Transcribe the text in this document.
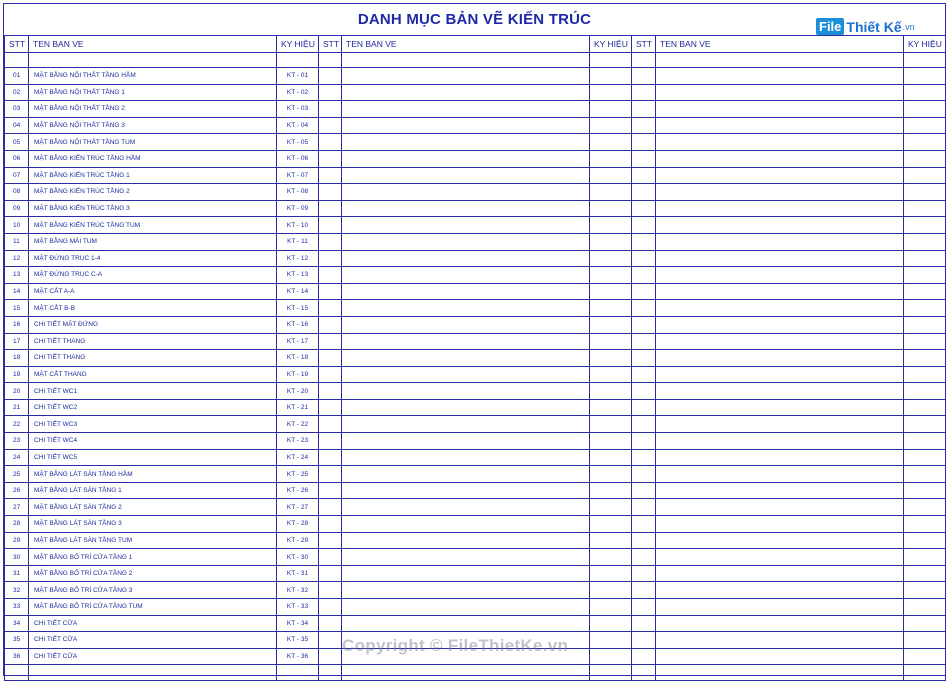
DANH MỤC BẢN VẼ KIẾN TRÚC	File Thiết Kế .vn
STT	TEN BAN VE	KY HIỆU	STT	TEN BAN VE	KY HIỆU	STT	TEN BAN VE	KY HIỆU

01	MẶT BẰNG NỘI THẤT TẦNG HẦM	KT - 01						
02	MẶT BẰNG NỘI THẤT TẦNG 1	KT - 02						
03	MẶT BẰNG NỘI THẤT TẦNG 2	KT - 03						
04	MẶT BẰNG NỘI THẤT TẦNG 3	KT - 04						
05	MẶT BẰNG NỘI THẤT TẦNG TUM	KT - 05						
06	MẶT BẰNG KIẾN TRÚC TẦNG HẦM	KT - 06						
07	MẶT BẰNG KIẾN TRÚC TẦNG 1	KT - 07						
08	MẶT BẰNG KIẾN TRÚC TẦNG 2	KT - 08						
09	MẶT BẰNG KIẾN TRÚC TẦNG 3	KT - 09						
10	MẶT BẰNG KIẾN TRÚC TẦNG TUM	KT - 10						
11	MẶT BẰNG MÁI TUM	KT - 11						
12	MẶT ĐỨNG TRỤC 1-4	KT - 12						
13	MẶT ĐỨNG TRỤC C-A	KT - 13						
14	MẶT CẮT A-A	KT - 14						
15	MẶT CẮT B-B	KT - 15						
16	CHI TIẾT MẶT ĐỨNG	KT - 16						
17	CHI TIẾT THANG	KT - 17						
18	CHI TIẾT THANG	KT - 18						
19	MẶT CẮT THANG	KT - 19						
20	CHI TIẾT WC1	KT - 20						
21	CHI TIẾT WC2	KT - 21						
22	CHI TIẾT WC3	KT - 22						
23	CHI TIẾT WC4	KT - 23						
24	CHI TIẾT WC5	KT - 24						
25	MẶT BẰNG LÁT SÀN TẦNG HẦM	KT - 25						
26	MẶT BẰNG LÁT SÀN TẦNG 1	KT - 26						
27	MẶT BẰNG LÁT SÀN TẦNG 2	KT - 27						
28	MẶT BẰNG LÁT SÀN TẦNG 3	KT - 28						
29	MẶT BẰNG LÁT SÀN TẦNG TUM	KT - 29						
30	MẶT BẰNG BỐ TRÍ CỬA TẦNG 1	KT - 30						
31	MẶT BẰNG BỐ TRÍ CỬA TẦNG 2	KT - 31						
32	MẶT BẰNG BỐ TRÍ CỬA TẦNG 3	KT - 32						
33	MẶT BẰNG BỐ TRÍ CỬA TẦNG TUM	KT - 33						
34	CHI TIẾT CỬA	KT - 34						
35	CHI TIẾT CỬA	KT - 35						
36	CHI TIẾT CỬA	KT - 36						

Copyright © FileThietKe.vn
